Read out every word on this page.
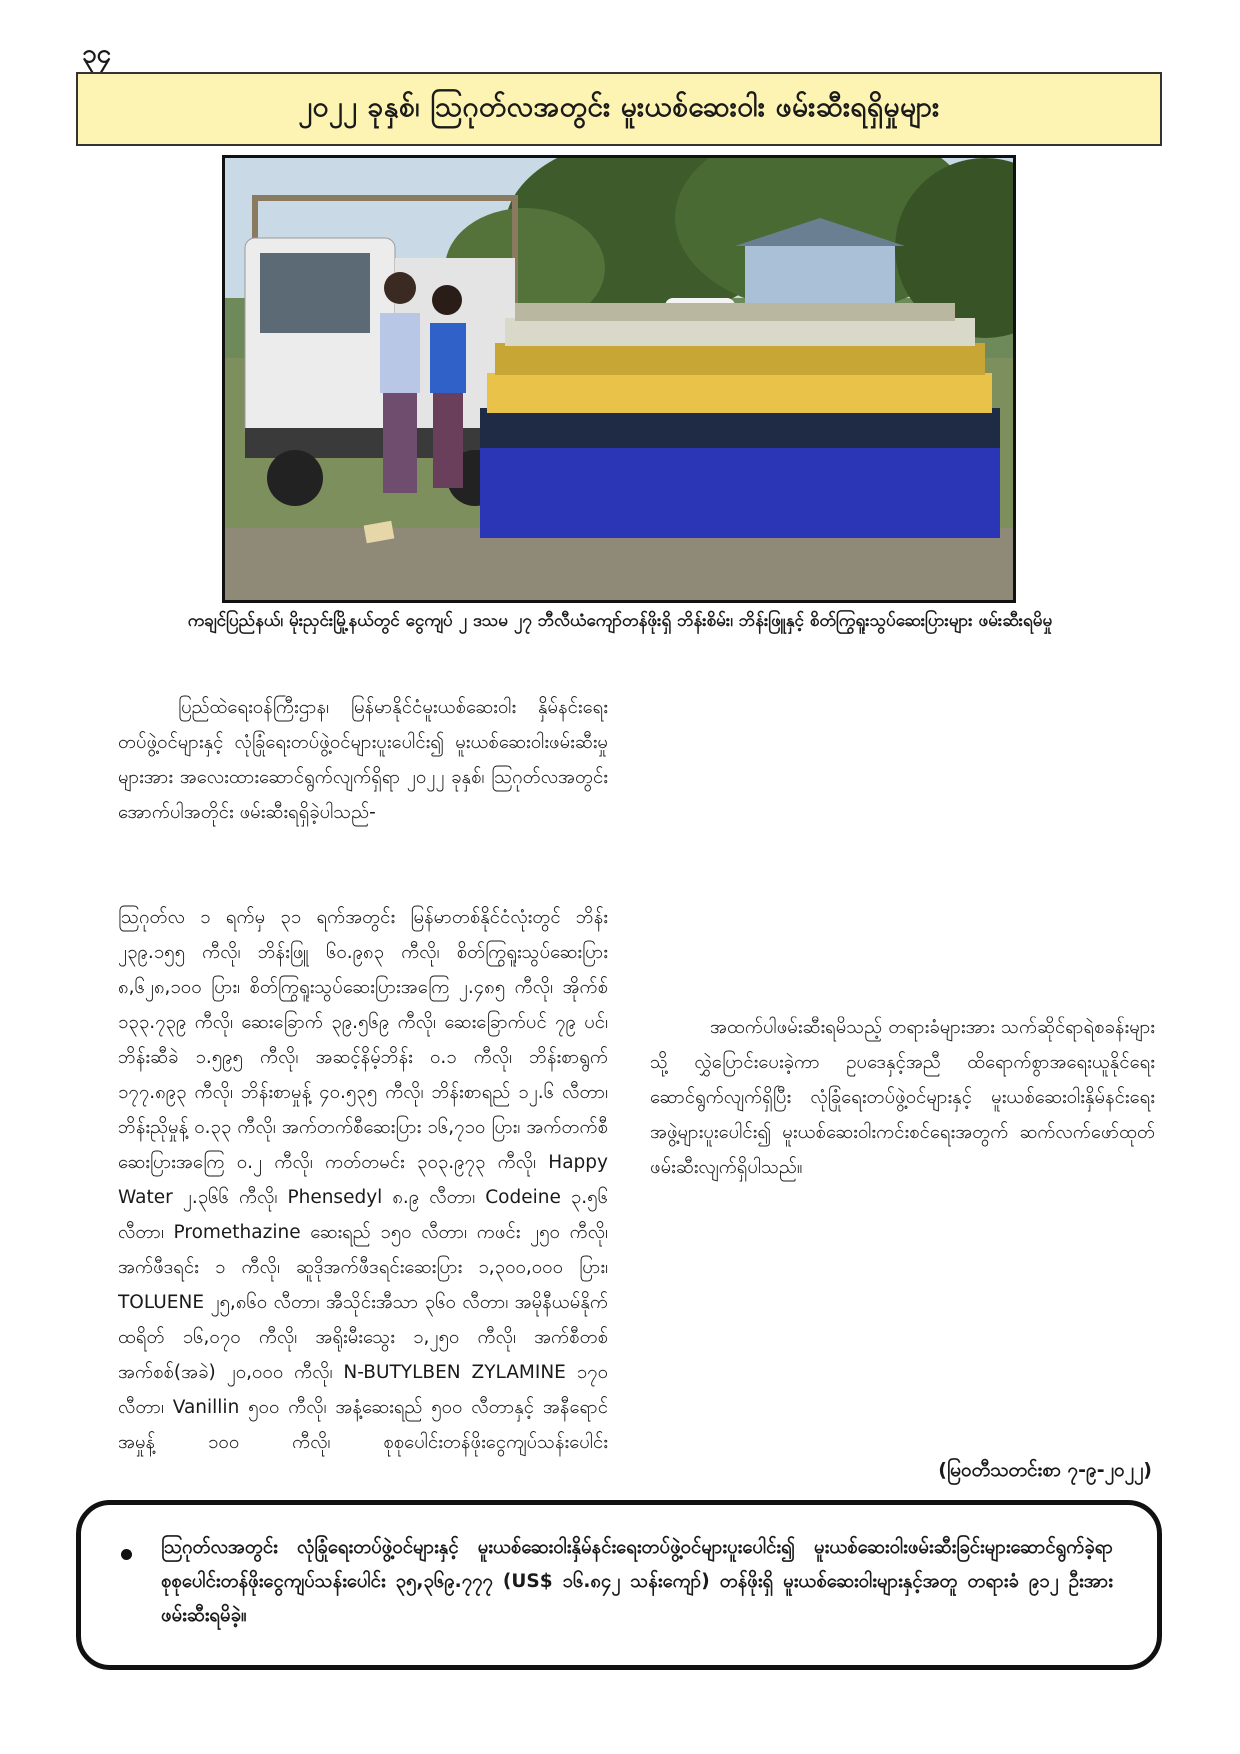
၃၄
၂၀၂၂ ခုနှစ်၊ ဩဂုတ်လအတွင်း မူးယစ်ဆေးဝါး ဖမ်းဆီးရရှိမှုများ
ကချင်ပြည်နယ်၊ မိုးညှင်းမြို့နယ်တွင် ငွေကျပ် ၂ ဒသမ ၂၇ ဘီလီယံကျော်တန်ဖိုးရှိ ဘိန်းစိမ်း၊ ဘိန်းဖြူနှင့် စိတ်ကြွရူးသွပ်ဆေးပြားများ ဖမ်းဆီးရမိမှု

ပြည်ထဲရေးဝန်ကြီးဌာန၊ မြန်မာနိုင်ငံမူးယစ်ဆေးဝါး နှိမ်နင်းရေးတပ်ဖွဲ့ဝင်များနှင့် လုံခြုံရေးတပ်ဖွဲ့ဝင်များပူးပေါင်း၍ မူးယစ်ဆေးဝါးဖမ်းဆီးမှုများအား အလေးထားဆောင်ရွက်လျက်ရှိရာ ၂၀၂၂ ခုနှစ်၊ ဩဂုတ်လအတွင်း အောက်ပါအတိုင်း ဖမ်းဆီးရရှိခဲ့ပါသည်-

ဩဂုတ်လ ၁ ရက်မှ ၃၁ ရက်အတွင်း မြန်မာတစ်နိုင်ငံလုံးတွင် ဘိန်း ၂၃၉.၁၅၅ ကီလို၊ ဘိန်းဖြူ ၆၀.၉၈၃ ကီလို၊ စိတ်ကြွရူးသွပ်ဆေးပြား ၈,၆၂၈,၁၀၀ ပြား၊ စိတ်ကြွရူးသွပ်ဆေးပြားအကြေ ၂.၄၈၅ ကီလို၊ အိုက်စ် ၁၃၃.၇၃၉ ကီလို၊ ဆေးခြောက် ၃၉.၅၆၉ ကီလို၊ ဆေးခြောက်ပင် ၇၉ ပင်၊ ဘိန်းဆီခဲ ၁.၅၉၅ ကီလို၊ အဆင့်နိမ့်ဘိန်း ၀.၁ ကီလို၊ ဘိန်းစာရွက် ၁၇၇.၈၉၃ ကီလို၊ ဘိန်းစာမှုန့် ၄၀.၅၃၅ ကီလို၊ ဘိန်းစာရည် ၁၂.၆ လီတာ၊ ဘိန်းညိုမှုန့် ၀.၃၃ ကီလို၊ အက်တက်စီဆေးပြား ၁၆,၇၁၀ ပြား၊ အက်တက်စီဆေးပြားအကြေ ၀.၂ ကီလို၊ ကတ်တမင်း ၃၀၃.၉၇၃ ကီလို၊ Happy Water ၂.၃၆၆ ကီလို၊ Phensedyl ၈.၉ လီတာ၊ Codeine ၃.၅၆ လီတာ၊ Promethazine ဆေးရည် ၁၅၀ လီတာ၊ ကဖင်း ၂၅၀ ကီလို၊ အက်ဖီဒရင်း ၁ ကီလို၊ ဆူဒိုအက်ဖီဒရင်းဆေးပြား ၁,၃၀၀,၀၀၀ ပြား၊ TOLUENE ၂၅,၈၆၀ လီတာ၊ အီသိုင်းအီသာ ၃၆၀ လီတာ၊ အမိုနီယမ်နိုက်ထရိတ် ၁၆,၀၇၀ ကီလို၊ အရိုးမီးသွေး ၁,၂၅၀ ကီလို၊ အက်စီတစ်အက်စစ်(အခဲ) ၂၀,၀၀၀ ကီလို၊ N-BUTYLBEN ZYLAMINE ၁၇၀ လီတာ၊ Vanillin ၅၀၀ ကီလို၊ အနံ့ဆေးရည် ၅၀၀ လီတာနှင့် အနီရောင်အမှုန့် ၁၀၀ ကီလို၊ စုစုပေါင်းတန်ဖိုးငွေကျပ်သန်းပေါင်း

အထက်ပါဖမ်းဆီးရမိသည့် တရားခံများအား သက်ဆိုင်ရာရဲစခန်းများသို့ လွှဲပြောင်းပေးခဲ့ကာ ဥပဒေနှင့်အညီ ထိရောက်စွာအရေးယူနိုင်ရေး ဆောင်ရွက်လျက်ရှိပြီး လုံခြုံရေးတပ်ဖွဲ့ဝင်များနှင့် မူးယစ်ဆေးဝါးနှိမ်နင်းရေးအဖွဲ့များပူးပေါင်း၍ မူးယစ်ဆေးဝါးကင်းစင်ရေးအတွက် ဆက်လက်ဖော်ထုတ်ဖမ်းဆီးလျက်ရှိပါသည်။

(မြဝတီသတင်းစာ ၇-၉-၂၀၂၂)
ဩဂုတ်လအတွင်း လုံခြုံရေးတပ်ဖွဲ့ဝင်များနှင့် မူးယစ်ဆေးဝါးနှိမ်နင်းရေးတပ်ဖွဲ့ဝင်များပူးပေါင်း၍ မူးယစ်ဆေးဝါးဖမ်းဆီးခြင်းများဆောင်ရွက်ခဲ့ရာ စုစုပေါင်းတန်ဖိုးငွေကျပ်သန်းပေါင်း ၃၅,၃၆၉.၇၇၇ (US$ ၁၆.၈၄၂ သန်းကျော်) တန်ဖိုးရှိ မူးယစ်ဆေးဝါးများနှင့်အတူ တရားခံ ၉၁၂ ဦးအား ဖမ်းဆီးရမိခဲ့။
